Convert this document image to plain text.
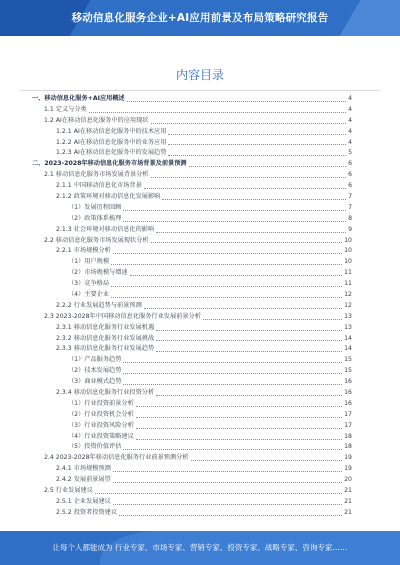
移动信息化服务企业+AI应用前景及布局策略研究报告
内容目录
一、移动信息化服务+AI应用概述	4
1.1 定义与分类	4
1.2 AI在移动信息化服务中的应用现状	4
1.2.1 AI在移动信息化服务中的技术应用	4
1.2.2 AI在移动信息化服务中的业务应用	4
1.2.3 AI在移动信息化服务中的发展趋势	5
二、2023-2028年移动信息化服务市场背景及前景预测	6
2.1 移动信息化服务市场发展背景分析	6
2.1.1 中国移动信息化市场背景	6
2.1.2 政策环境对移动信息化发展影响	7
（1）发展历程回顾	7
（2）政策体系梳理	8
2.1.3 社会环境对移动信息化的影响	9
2.2 移动信息化服务市场发展现状分析	10
2.2.1 市场规模分析	10
（1）用户规模	10
（2）市场规模与增速	11
（3）竞争格局	11
（4）主要企业	12
2.2.2 行业发展趋势与前景预测	12
2.3 2023-2028年中国移动信息化服务行业发展前景分析	13
2.3.1 移动信息化服务行业发展机遇	13
2.3.2 移动信息化服务行业发展挑战	14
2.3.3 移动信息化服务行业发展趋势	14
（1）产品服务趋势	15
（2）技术发展趋势	15
（3）商业模式趋势	16
2.3.4 移动信息化服务行业投资分析	16
（1）行业投资前景分析	16
（2）行业投资机会分析	17
（3）行业投资风险分析	17
（4）行业投资策略建议	18
（5）投资价值评估	18
2.4 2023-2028年移动信息化服务行业前景预测分析	19
2.4.1 市场规模预测	19
2.4.2 发展前景展望	20
2.5 行业发展建议	21
2.5.1 企业发展建议	21
2.5.2 投资者投资建议	21
让每个人都能成为 行业专家、市场专家、营销专家、投资专家、战略专家、咨询专家……
